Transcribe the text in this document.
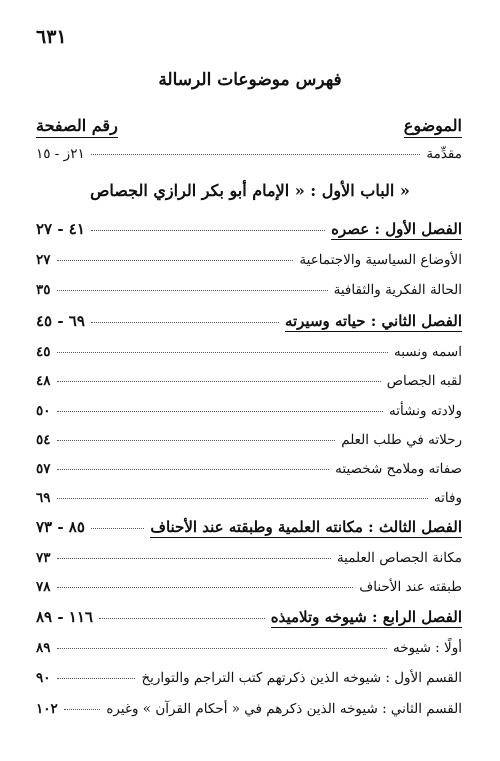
٦٣١
فهرس موضوعات الرسالة
الموضوع
رقم الصفحة
مقدِّمة
٢١ز - ١٥
الباب الأول : « الإمام أبو بكر الرازي الجصاص »
الفصل الأول : عصره
٤١ - ٢٧
الأوضاع السياسية والاجتماعية
٢٧
الحالة الفكرية والثقافية
٣٥
الفصل الثاني : حياته وسيرته
٦٩ - ٤٥
اسمه ونسبه
٤٥
لقبه الجصاص
٤٨
ولادته ونشأته
٥٠
رحلاته في طلب العلم
٥٤
صفاته وملامح شخصيته
٥٧
وفاته
٦٩
الفصل الثالث : مكانته العلمية وطبقته عند الأحناف
٨٥ - ٧٣
مكانة الجصاص العلمية
٧٣
طبقته عند الأحناف
٧٨
الفصل الرابع : شيوخه وتلاميذه
١١٦ - ٨٩
أولًا : شيوخه
٨٩
القسم الأول : شيوخه الذين ذكرتهم كتب التراجم والتواريخ
٩٠
القسم الثاني : شيوخه الذين ذكرهم في « أحكام القرآن » وغيره
١٠٢
